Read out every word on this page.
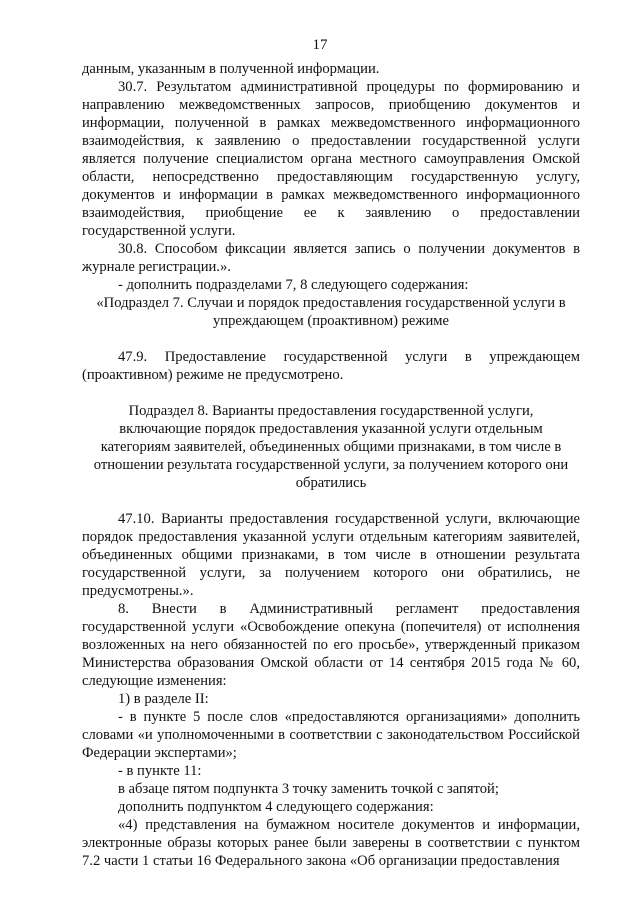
17

данным, указанным в полученной информации.

30.7. Результатом административной процедуры по формированию и направлению межведомственных запросов, приобщению документов и информации, полученной в рамках межведомственного информационного взаимодействия, к заявлению о предоставлении государственной услуги является получение специалистом органа местного самоуправления Омской области, непосредственно предоставляющим государственную услугу, документов и информации в рамках межведомственного информационного взаимодействия, приобщение ее к заявлению о предоставлении государственной услуги.

30.8. Способом фиксации является запись о получении документов в журнале регистрации.».

- дополнить подразделами 7, 8 следующего содержания:

«Подраздел 7. Случаи и порядок предоставления государственной услуги в упреждающем (проактивном) режиме

47.9. Предоставление государственной услуги в упреждающем (проактивном) режиме не предусмотрено.

Подраздел 8. Варианты предоставления государственной услуги, включающие порядок предоставления указанной услуги отдельным категориям заявителей, объединенных общими признаками, в том числе в отношении результата государственной услуги, за получением которого они обратились

47.10. Варианты предоставления государственной услуги, включающие порядок предоставления указанной услуги отдельным категориям заявителей, объединенных общими признаками, в том числе в отношении результата государственной услуги, за получением которого они обратились, не предусмотрены.».

8. Внести в Административный регламент предоставления государственной услуги «Освобождение опекуна (попечителя) от исполнения возложенных на него обязанностей по его просьбе», утвержденный приказом Министерства образования Омской области от 14 сентября 2015 года № 60, следующие изменения:

1) в разделе II:

- в пункте 5 после слов «предоставляются организациями» дополнить словами «и уполномоченными в соответствии с законодательством Российской Федерации экспертами»;

- в пункте 11:

в абзаце пятом подпункта 3 точку заменить точкой с запятой;

дополнить подпунктом 4 следующего содержания:

«4) представления на бумажном носителе документов и информации, электронные образы которых ранее были заверены в соответствии с пунктом 7.2 части 1 статьи 16 Федерального закона «Об организации предоставления
